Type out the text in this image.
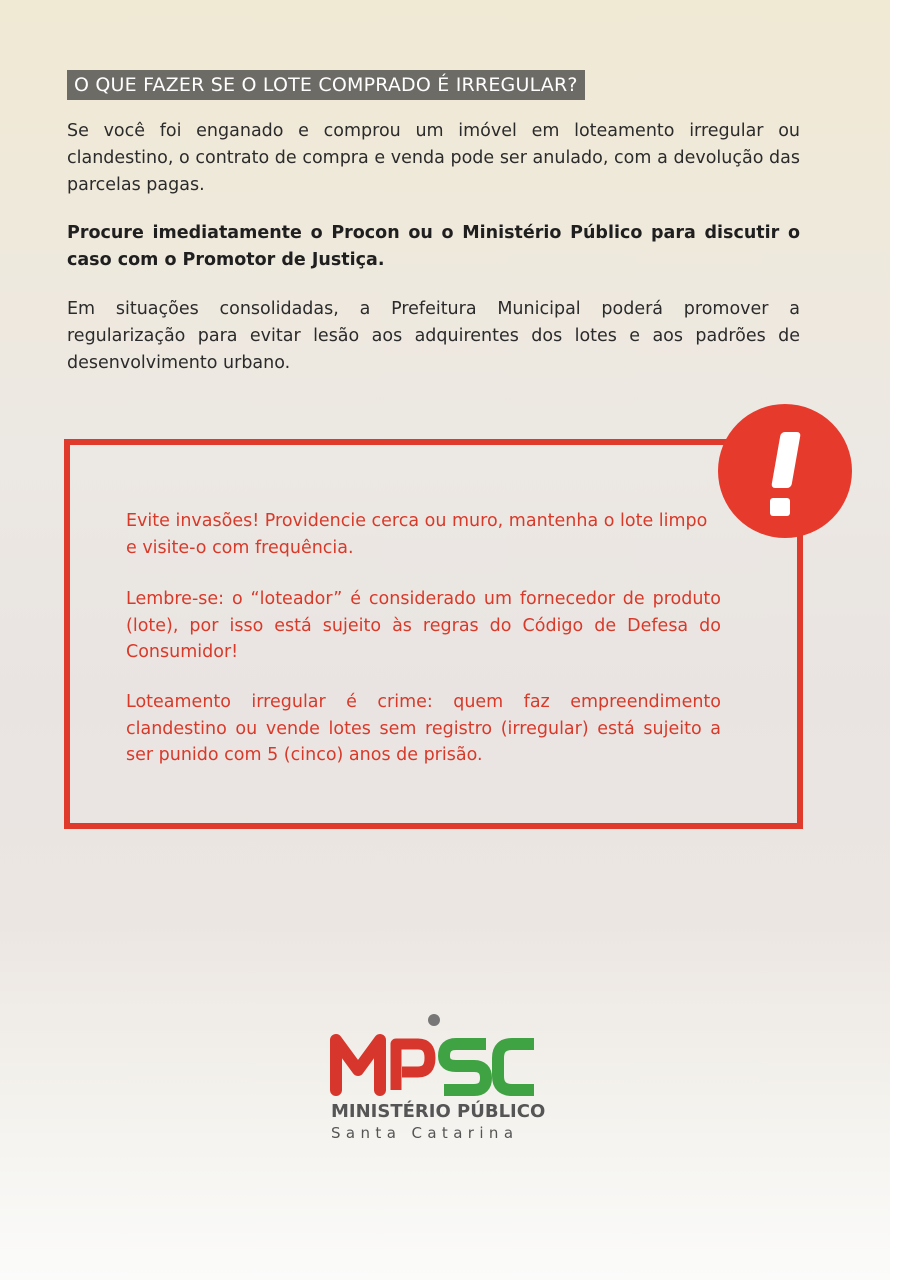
O QUE FAZER SE O LOTE COMPRADO É IRREGULAR?

Se você foi enganado e comprou um imóvel em loteamento irregular ou clandestino, o contrato de compra e venda pode ser anulado, com a devolução das parcelas pagas.

Procure imediatamente o Procon ou o Ministério Público para discutir o caso com o Promotor de Justiça.

Em situações consolidadas, a Prefeitura Municipal poderá promover a regularização para evitar lesão aos adquirentes dos lotes e aos padrões de desenvolvimento urbano.

Evite invasões! Providencie cerca ou muro, mantenha o lote limpo e visite-o com frequência.

Lembre-se: o “loteador” é considerado um fornecedor de produto (lote), por isso está sujeito às regras do Código de Defesa do Consumidor!

Loteamento irregular é crime: quem faz empreendimento clandestino ou vende lotes sem registro (irregular) está sujeito a ser punido com 5 (cinco) anos de prisão.

MINISTÉRIO PÚBLICO
Santa Catarina
